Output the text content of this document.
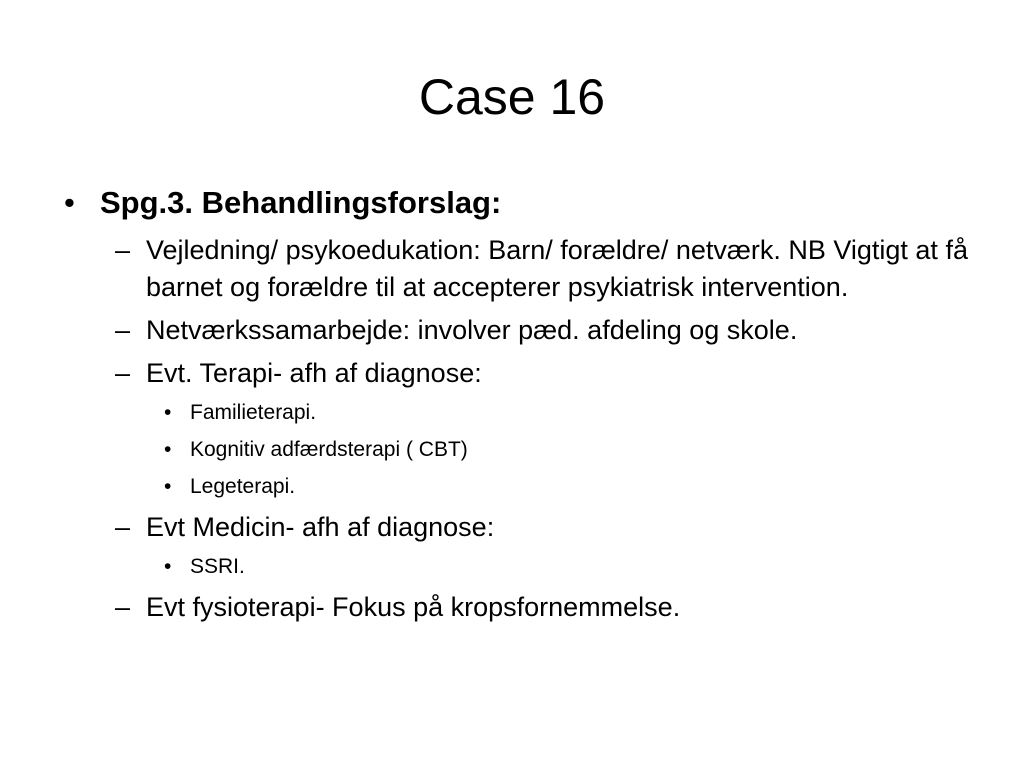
Case 16
• Spg.3. Behandlingsforslag:
– Vejledning/ psykoedukation: Barn/ forældre/ netværk. NB Vigtigt at få barnet og forældre til at accepterer psykiatrisk intervention.
– Netværkssamarbejde: involver pæd. afdeling og skole.
– Evt. Terapi- afh af diagnose:
• Familieterapi.
• Kognitiv adfærdsterapi ( CBT)
• Legeterapi.
– Evt Medicin- afh af diagnose:
• SSRI.
– Evt fysioterapi- Fokus på kropsfornemmelse.
